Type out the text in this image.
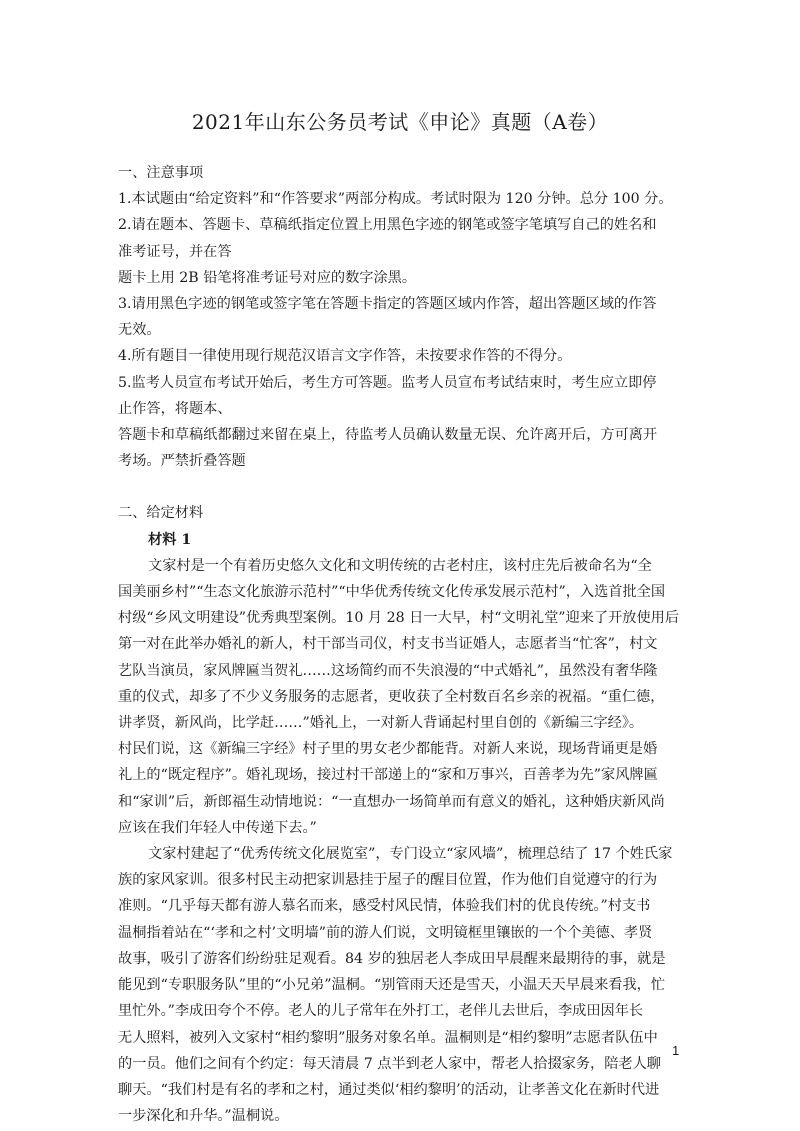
2021年山东公务员考试《申论》真题（A卷）
一、注意事项
1.本试题由“给定资料”和“作答要求”两部分构成。考试时限为 120 分钟。总分 100 分。
2.请在题本、答题卡、草稿纸指定位置上用黑色字迹的钢笔或签字笔填写自己的姓名和
准考证号，并在答
题卡上用 2B 铅笔将准考证号对应的数字涂黑。
3.请用黑色字迹的钢笔或签字笔在答题卡指定的答题区域内作答，超出答题区域的作答
无效。
4.所有题目一律使用现行规范汉语言文字作答，未按要求作答的不得分。
5.监考人员宣布考试开始后，考生方可答题。监考人员宣布考试结束时，考生应立即停
止作答，将题本、
答题卡和草稿纸都翻过来留在桌上，待监考人员确认数量无误、允许离开后，方可离开
考场。严禁折叠答题
二、给定材料
材料 1
文家村是一个有着历史悠久文化和文明传统的古老村庄，该村庄先后被命名为“全
国美丽乡村”“生态文化旅游示范村”“中华优秀传统文化传承发展示范村”，入选首批全国
村级“乡风文明建设”优秀典型案例。10 月 28 日一大早，村“文明礼堂”迎来了开放使用后
第一对在此举办婚礼的新人，村干部当司仪，村支书当证婚人，志愿者当“忙客”，村文
艺队当演员，家风牌匾当贺礼……这场简约而不失浪漫的“中式婚礼”，虽然没有奢华隆
重的仪式，却多了不少义务服务的志愿者，更收获了全村数百名乡亲的祝福。“重仁德，
讲孝贤，新风尚，比学赶……”婚礼上，一对新人背诵起村里自创的《新编三字经》。
村民们说，这《新编三字经》村子里的男女老少都能背。对新人来说，现场背诵更是婚
礼上的“既定程序”。婚礼现场，接过村干部递上的“家和万事兴，百善孝为先”家风牌匾
和“家训”后，新郎福生动情地说：“一直想办一场简单而有意义的婚礼，这种婚庆新风尚
应该在我们年轻人中传递下去。”
文家村建起了“优秀传统文化展览室”，专门设立“家风墙”，梳理总结了 17 个姓氏家
族的家风家训。很多村民主动把家训悬挂于屋子的醒目位置，作为他们自觉遵守的行为
准则。“几乎每天都有游人慕名而来，感受村风民情，体验我们村的优良传统。”村支书
温桐指着站在“‘孝和之村’文明墙”前的游人们说，文明镜框里镶嵌的一个个美德、孝贤
故事，吸引了游客们纷纷驻足观看。84 岁的独居老人李成田早晨醒来最期待的事，就是
能见到“专职服务队”里的“小兄弟”温桐。“别管雨天还是雪天，小温天天早晨来看我，忙
里忙外。”李成田夸个不停。老人的儿子常年在外打工，老伴儿去世后，李成田因年长
无人照料，被列入文家村“相约黎明”服务对象名单。温桐则是“相约黎明”志愿者队伍中
的一员。他们之间有个约定：每天清晨 7 点半到老人家中，帮老人拾掇家务，陪老人聊
聊天。“我们村是有名的孝和之村，通过类似‘相约黎明’的活动，让孝善文化在新时代进
一步深化和升华。”温桐说。
1
